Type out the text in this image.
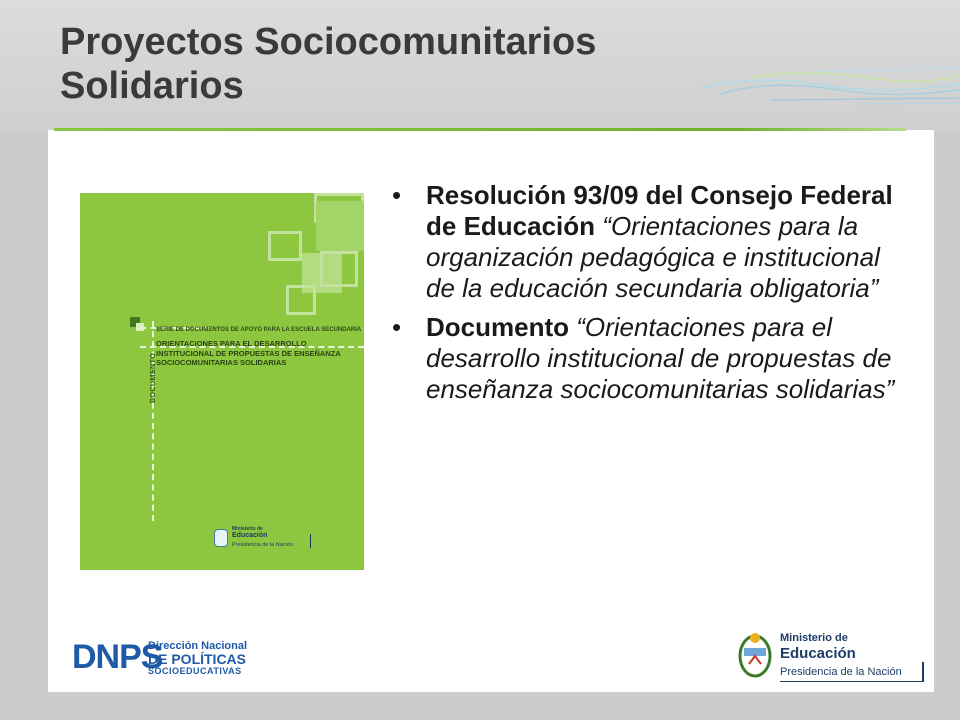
Proyectos Sociocomunitarios
Solidarios
DOCUMENTO
SERIE DE DOCUMENTOS DE APOYO PARA LA ESCUELA SECUNDARIA
ORIENTACIONES PARA EL DESARROLLO
INSTITUCIONAL DE PROPUESTAS DE ENSEÑANZA
SOCIOCOMUNITARIAS SOLIDARIAS
Ministerio de
Educación
Presidencia de la Nación
• Resolución 93/09 del Consejo Federal de Educación “Orientaciones para la organización pedagógica e institucional de la educación secundaria obligatoria”
• Documento “Orientaciones para el desarrollo institucional de propuestas de enseñanza sociocomunitarias solidarias”
DNPS
Dirección Nacional
DE POLÍTICAS
SOCIOEDUCATIVAS
Ministerio de
Educación
Presidencia de la Nación
